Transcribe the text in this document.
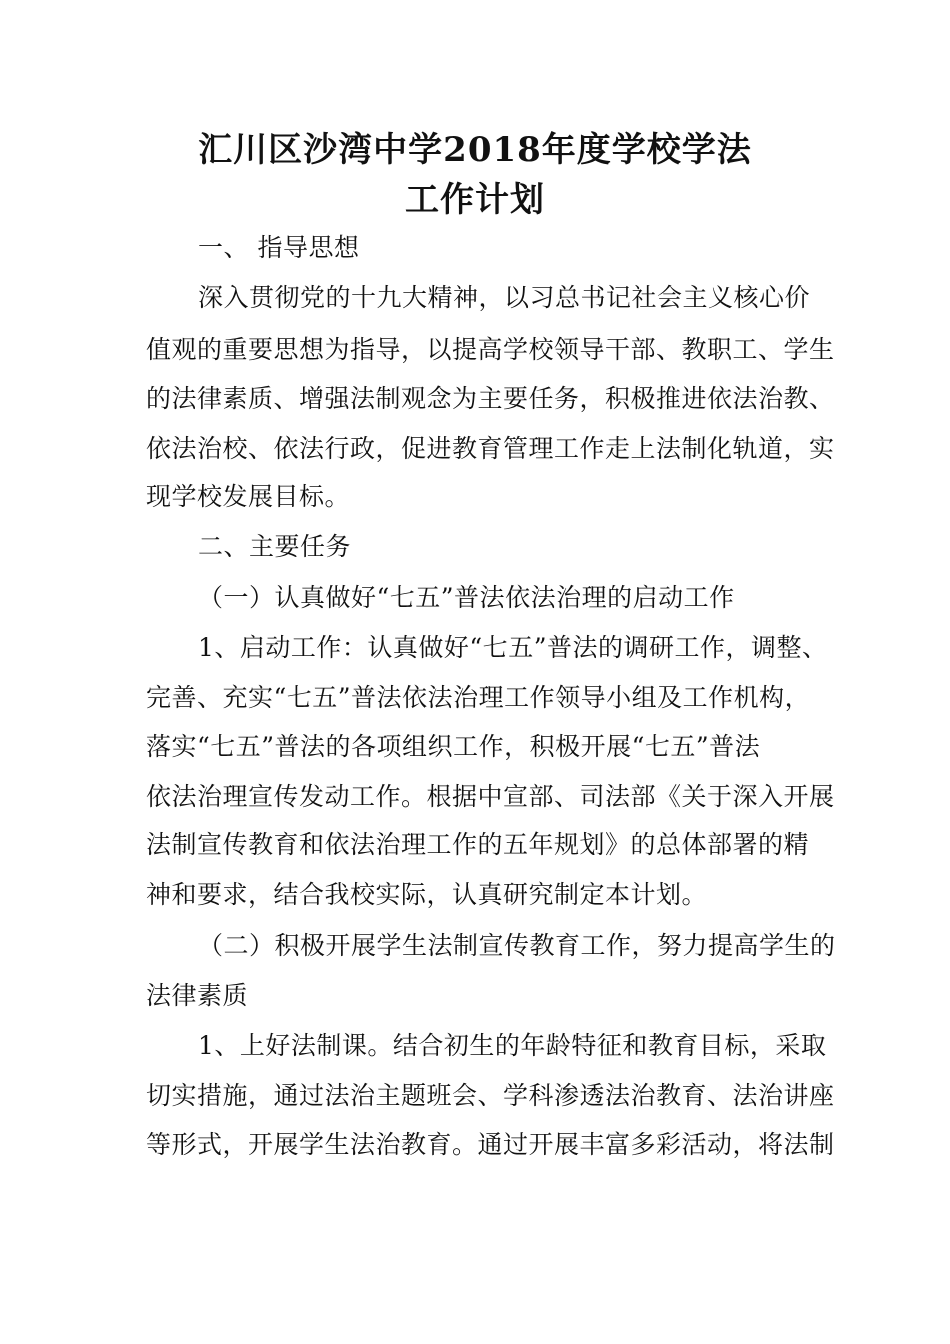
汇川区沙湾中学2018年度学校学法
工作计划
一、 指导思想
深入贯彻党的十九大精神，以习总书记社会主义核心价
值观的重要思想为指导，以提高学校领导干部、教职工、学生
的法律素质、增强法制观念为主要任务，积极推进依法治教、
依法治校、依法行政，促进教育管理工作走上法制化轨道，实
现学校发展目标。
二、主要任务
（一）认真做好“七五”普法依法治理的启动工作
1、启动工作：认真做好“七五”普法的调研工作，调整、
完善、充实“七五”普法依法治理工作领导小组及工作机构，
落实“七五”普法的各项组织工作，积极开展“七五”普法
依法治理宣传发动工作。根据中宣部、司法部《关于深入开展
法制宣传教育和依法治理工作的五年规划》的总体部署的精
神和要求，结合我校实际，认真研究制定本计划。
（二）积极开展学生法制宣传教育工作，努力提高学生的
法律素质
1、上好法制课。结合初生的年龄特征和教育目标，采取
切实措施，通过法治主题班会、学科渗透法治教育、法治讲座
等形式，开展学生法治教育。通过开展丰富多彩活动，将法制
